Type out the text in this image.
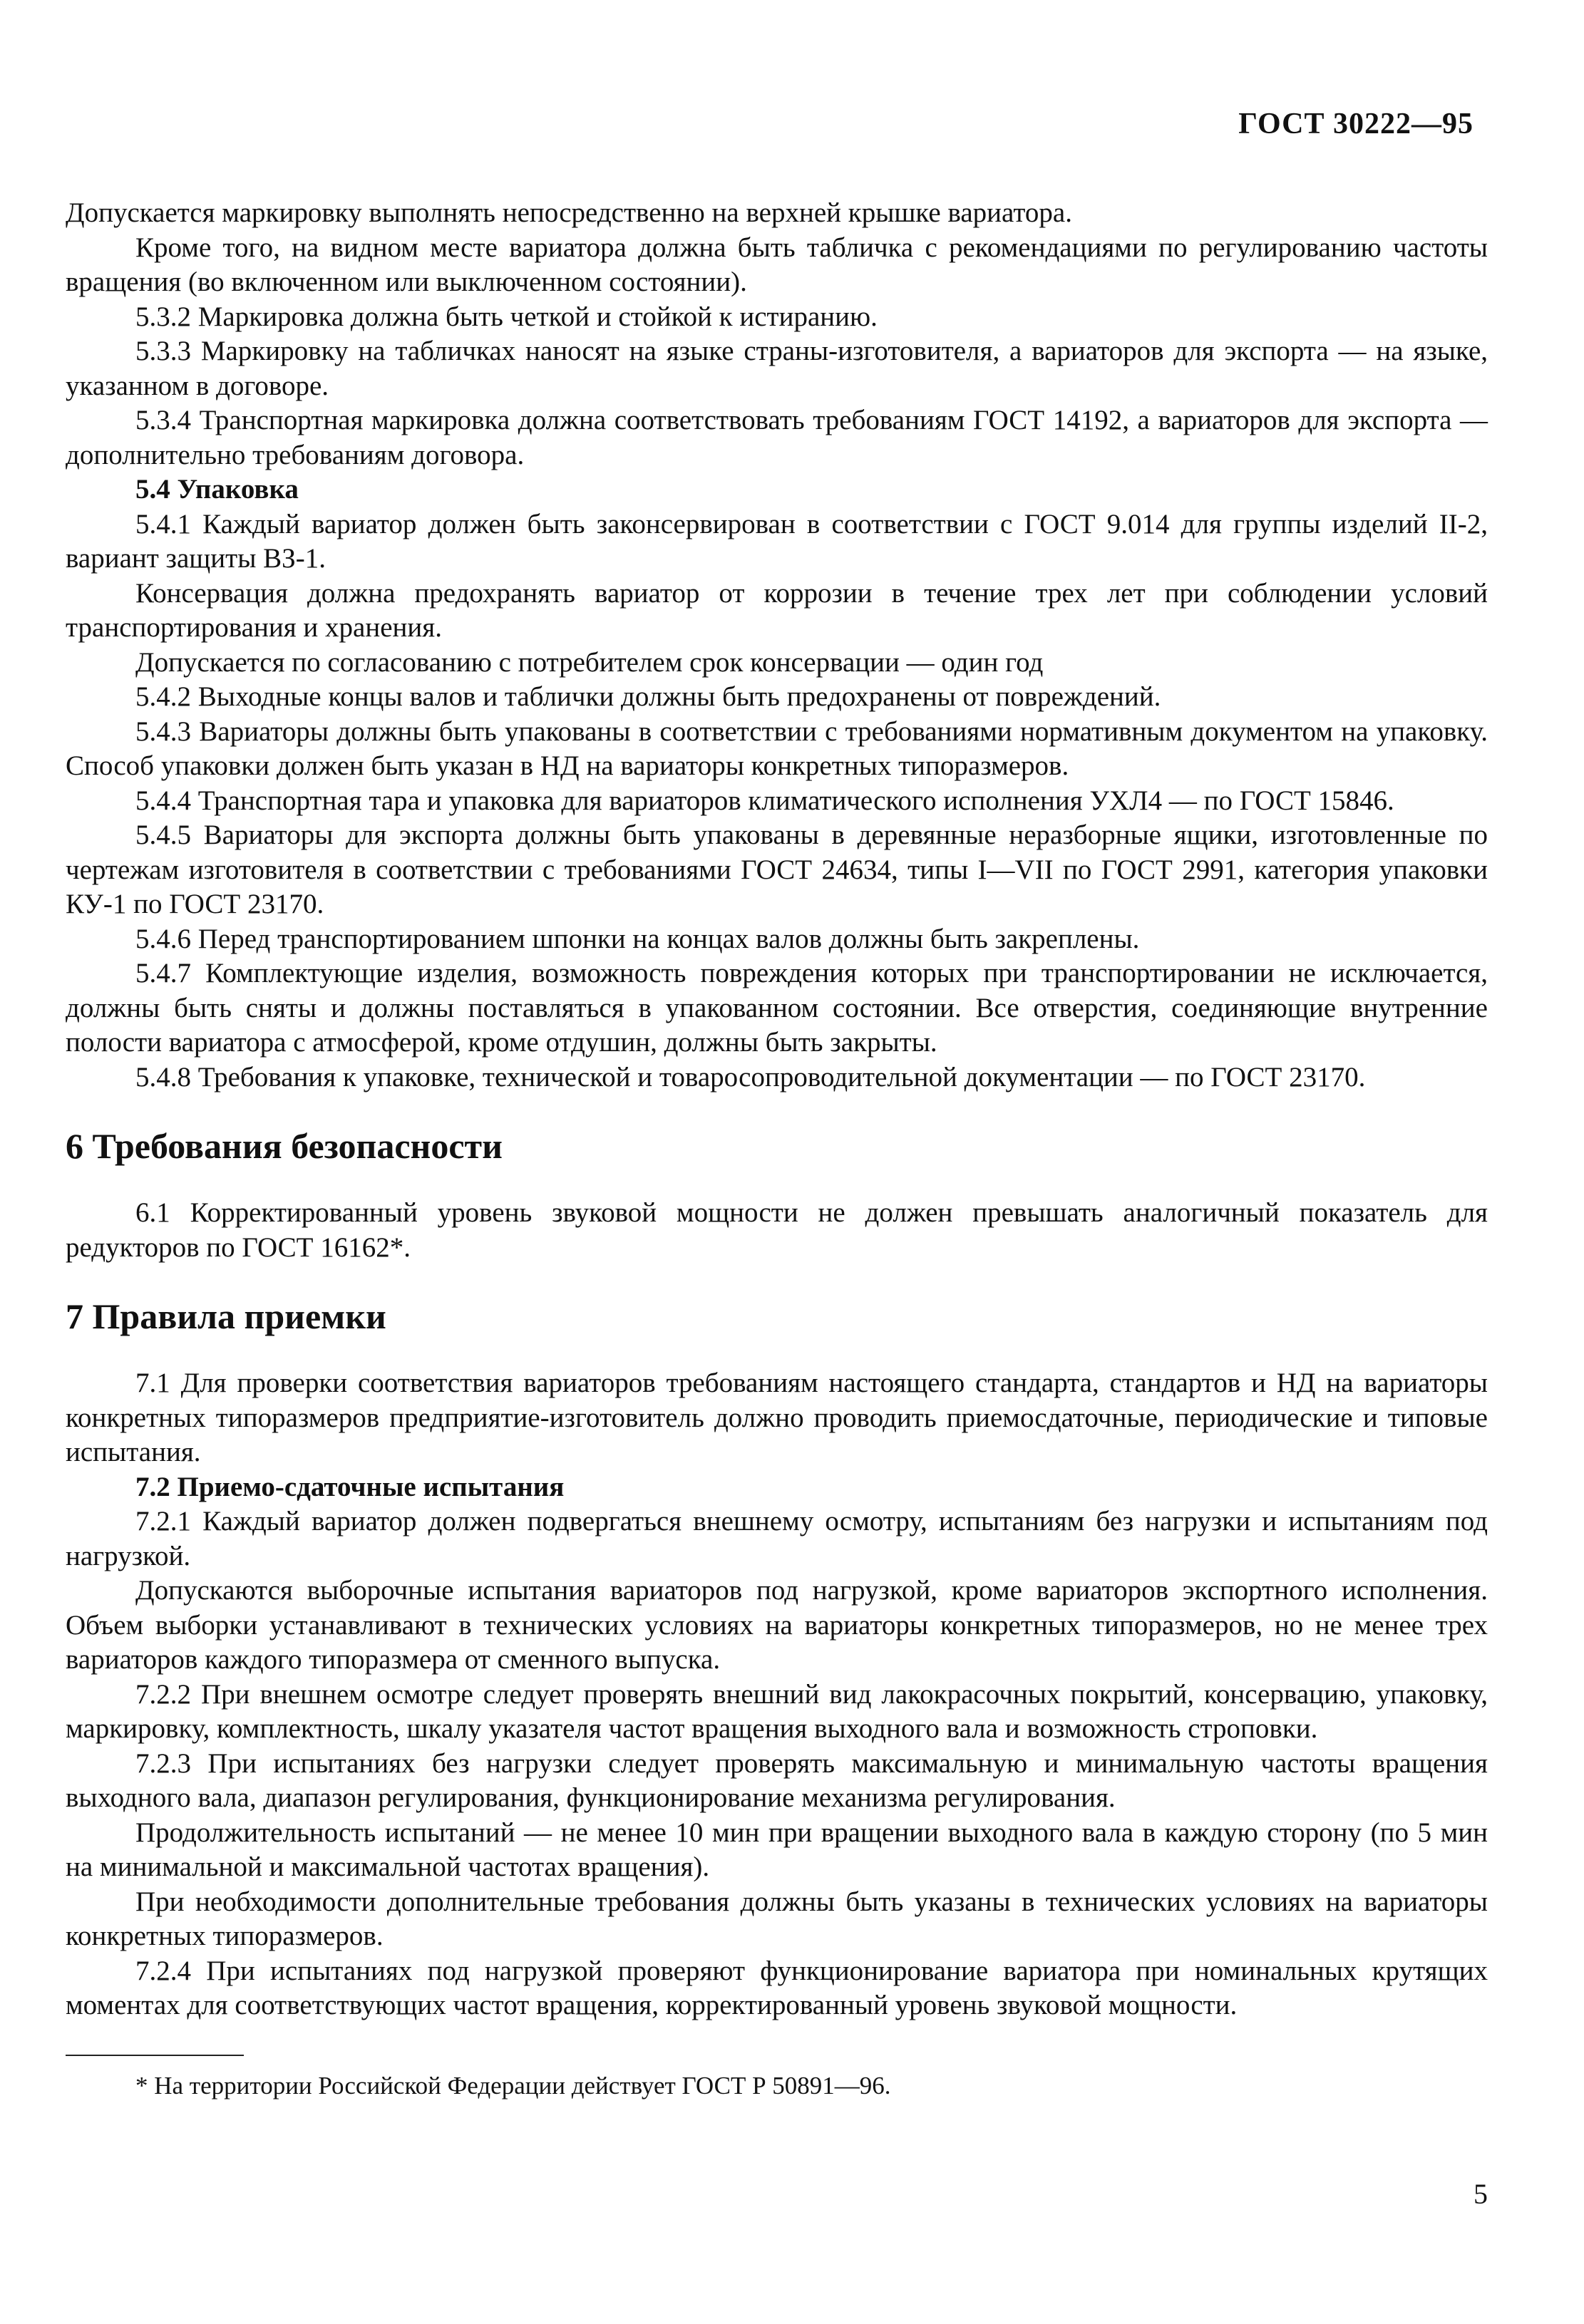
ГОСТ 30222—95

Допускается маркировку выполнять непосредственно на верхней крышке вариатора.

Кроме того, на видном месте вариатора должна быть табличка с рекомендациями по регулированию частоты вращения (во включенном или выключенном состоянии).

5.3.2 Маркировка должна быть четкой и стойкой к истиранию.

5.3.3 Маркировку на табличках наносят на языке страны-изготовителя, а вариаторов для экспорта — на языке, указанном в договоре.

5.3.4 Транспортная маркировка должна соответствовать требованиям ГОСТ 14192, а вариаторов для экспорта — дополнительно требованиям договора.

5.4 Упаковка

5.4.1 Каждый вариатор должен быть законсервирован в соответствии с ГОСТ 9.014 для группы изделий II-2, вариант защиты ВЗ-1.

Консервация должна предохранять вариатор от коррозии в течение трех лет при соблюдении условий транспортирования и хранения.

Допускается по согласованию с потребителем срок консервации — один год

5.4.2 Выходные концы валов и таблички должны быть предохранены от повреждений.

5.4.3 Вариаторы должны быть упакованы в соответствии с требованиями нормативным документом на упаковку. Способ упаковки должен быть указан в НД на вариаторы конкретных типоразмеров.

5.4.4 Транспортная тара и упаковка для вариаторов климатического исполнения УХЛ4 — по ГОСТ 15846.

5.4.5 Вариаторы для экспорта должны быть упакованы в деревянные неразборные ящики, изготовленные по чертежам изготовителя в соответствии с требованиями ГОСТ 24634, типы I—VII по ГОСТ 2991, категория упаковки КУ-1 по ГОСТ 23170.

5.4.6 Перед транспортированием шпонки на концах валов должны быть закреплены.

5.4.7 Комплектующие изделия, возможность повреждения которых при транспортировании не исключается, должны быть сняты и должны поставляться в упакованном состоянии. Все отверстия, соединяющие внутренние полости вариатора с атмосферой, кроме отдушин, должны быть закрыты.

5.4.8 Требования к упаковке, технической и товаросопроводительной документации — по ГОСТ 23170.

6 Требования безопасности

6.1 Корректированный уровень звуковой мощности не должен превышать аналогичный показатель для редукторов по ГОСТ 16162*.

7 Правила приемки

7.1 Для проверки соответствия вариаторов требованиям настоящего стандарта, стандартов и НД на вариаторы конкретных типоразмеров предприятие-изготовитель должно проводить приемосдаточные, периодические и типовые испытания.

7.2 Приемо-сдаточные испытания

7.2.1 Каждый вариатор должен подвергаться внешнему осмотру, испытаниям без нагрузки и испытаниям под нагрузкой.

Допускаются выборочные испытания вариаторов под нагрузкой, кроме вариаторов экспортного исполнения. Объем выборки устанавливают в технических условиях на вариаторы конкретных типоразмеров, но не менее трех вариаторов каждого типоразмера от сменного выпуска.

7.2.2 При внешнем осмотре следует проверять внешний вид лакокрасочных покрытий, консервацию, упаковку, маркировку, комплектность, шкалу указателя частот вращения выходного вала и возможность строповки.

7.2.3 При испытаниях без нагрузки следует проверять максимальную и минимальную частоты вращения выходного вала, диапазон регулирования, функционирование механизма регулирования.

Продолжительность испытаний — не менее 10 мин при вращении выходного вала в каждую сторону (по 5 мин на минимальной и максимальной частотах вращения).

При необходимости дополнительные требования должны быть указаны в технических условиях на вариаторы конкретных типоразмеров.

7.2.4 При испытаниях под нагрузкой проверяют функционирование вариатора при номинальных крутящих моментах для соответствующих частот вращения, корректированный уровень звуковой мощности.

* На территории Российской Федерации действует ГОСТ Р 50891—96.
5
